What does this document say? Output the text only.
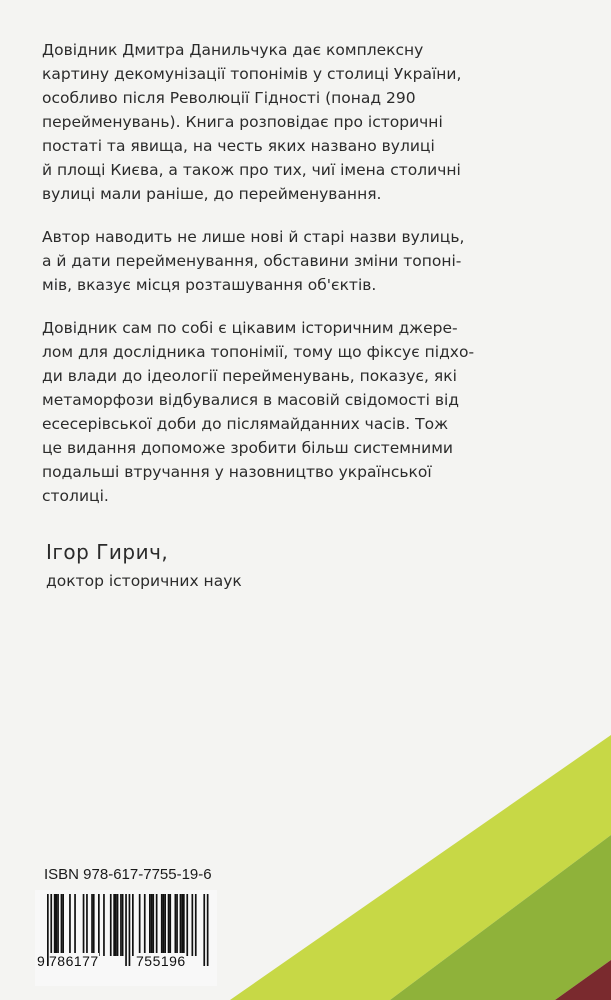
Довідник Дмитра Данильчука дає комплексну
картину декомунізації топонімів у столиці України,
особливо після Революції Гідності (понад 290
перейменувань). Книга розповідає про історичні
постаті та явища, на честь яких названо вулиці
й площі Києва, а також про тих, чиї імена столичні
вулиці мали раніше, до перейменування.
Автор наводить не лише нові й старі назви вулиць,
а й дати перейменування, обставини зміни топоні-
мів, вказує місця розташування об'єктів.
Довідник сам по собі є цікавим історичним джере-
лом для дослідника топонімії, тому що фіксує підхо-
ди влади до ідеології перейменувань, показує, які
метаморфози відбувалися в масовій свідомості від
есесерівської доби до післямайданних часів. Тож
це видання допоможе зробити більш системними
подальші втручання у назовництво української
столиці.
Ігор Гирич,
доктор історичних наук
ISBN 978-617-7755-19-6
9 786177	755196
